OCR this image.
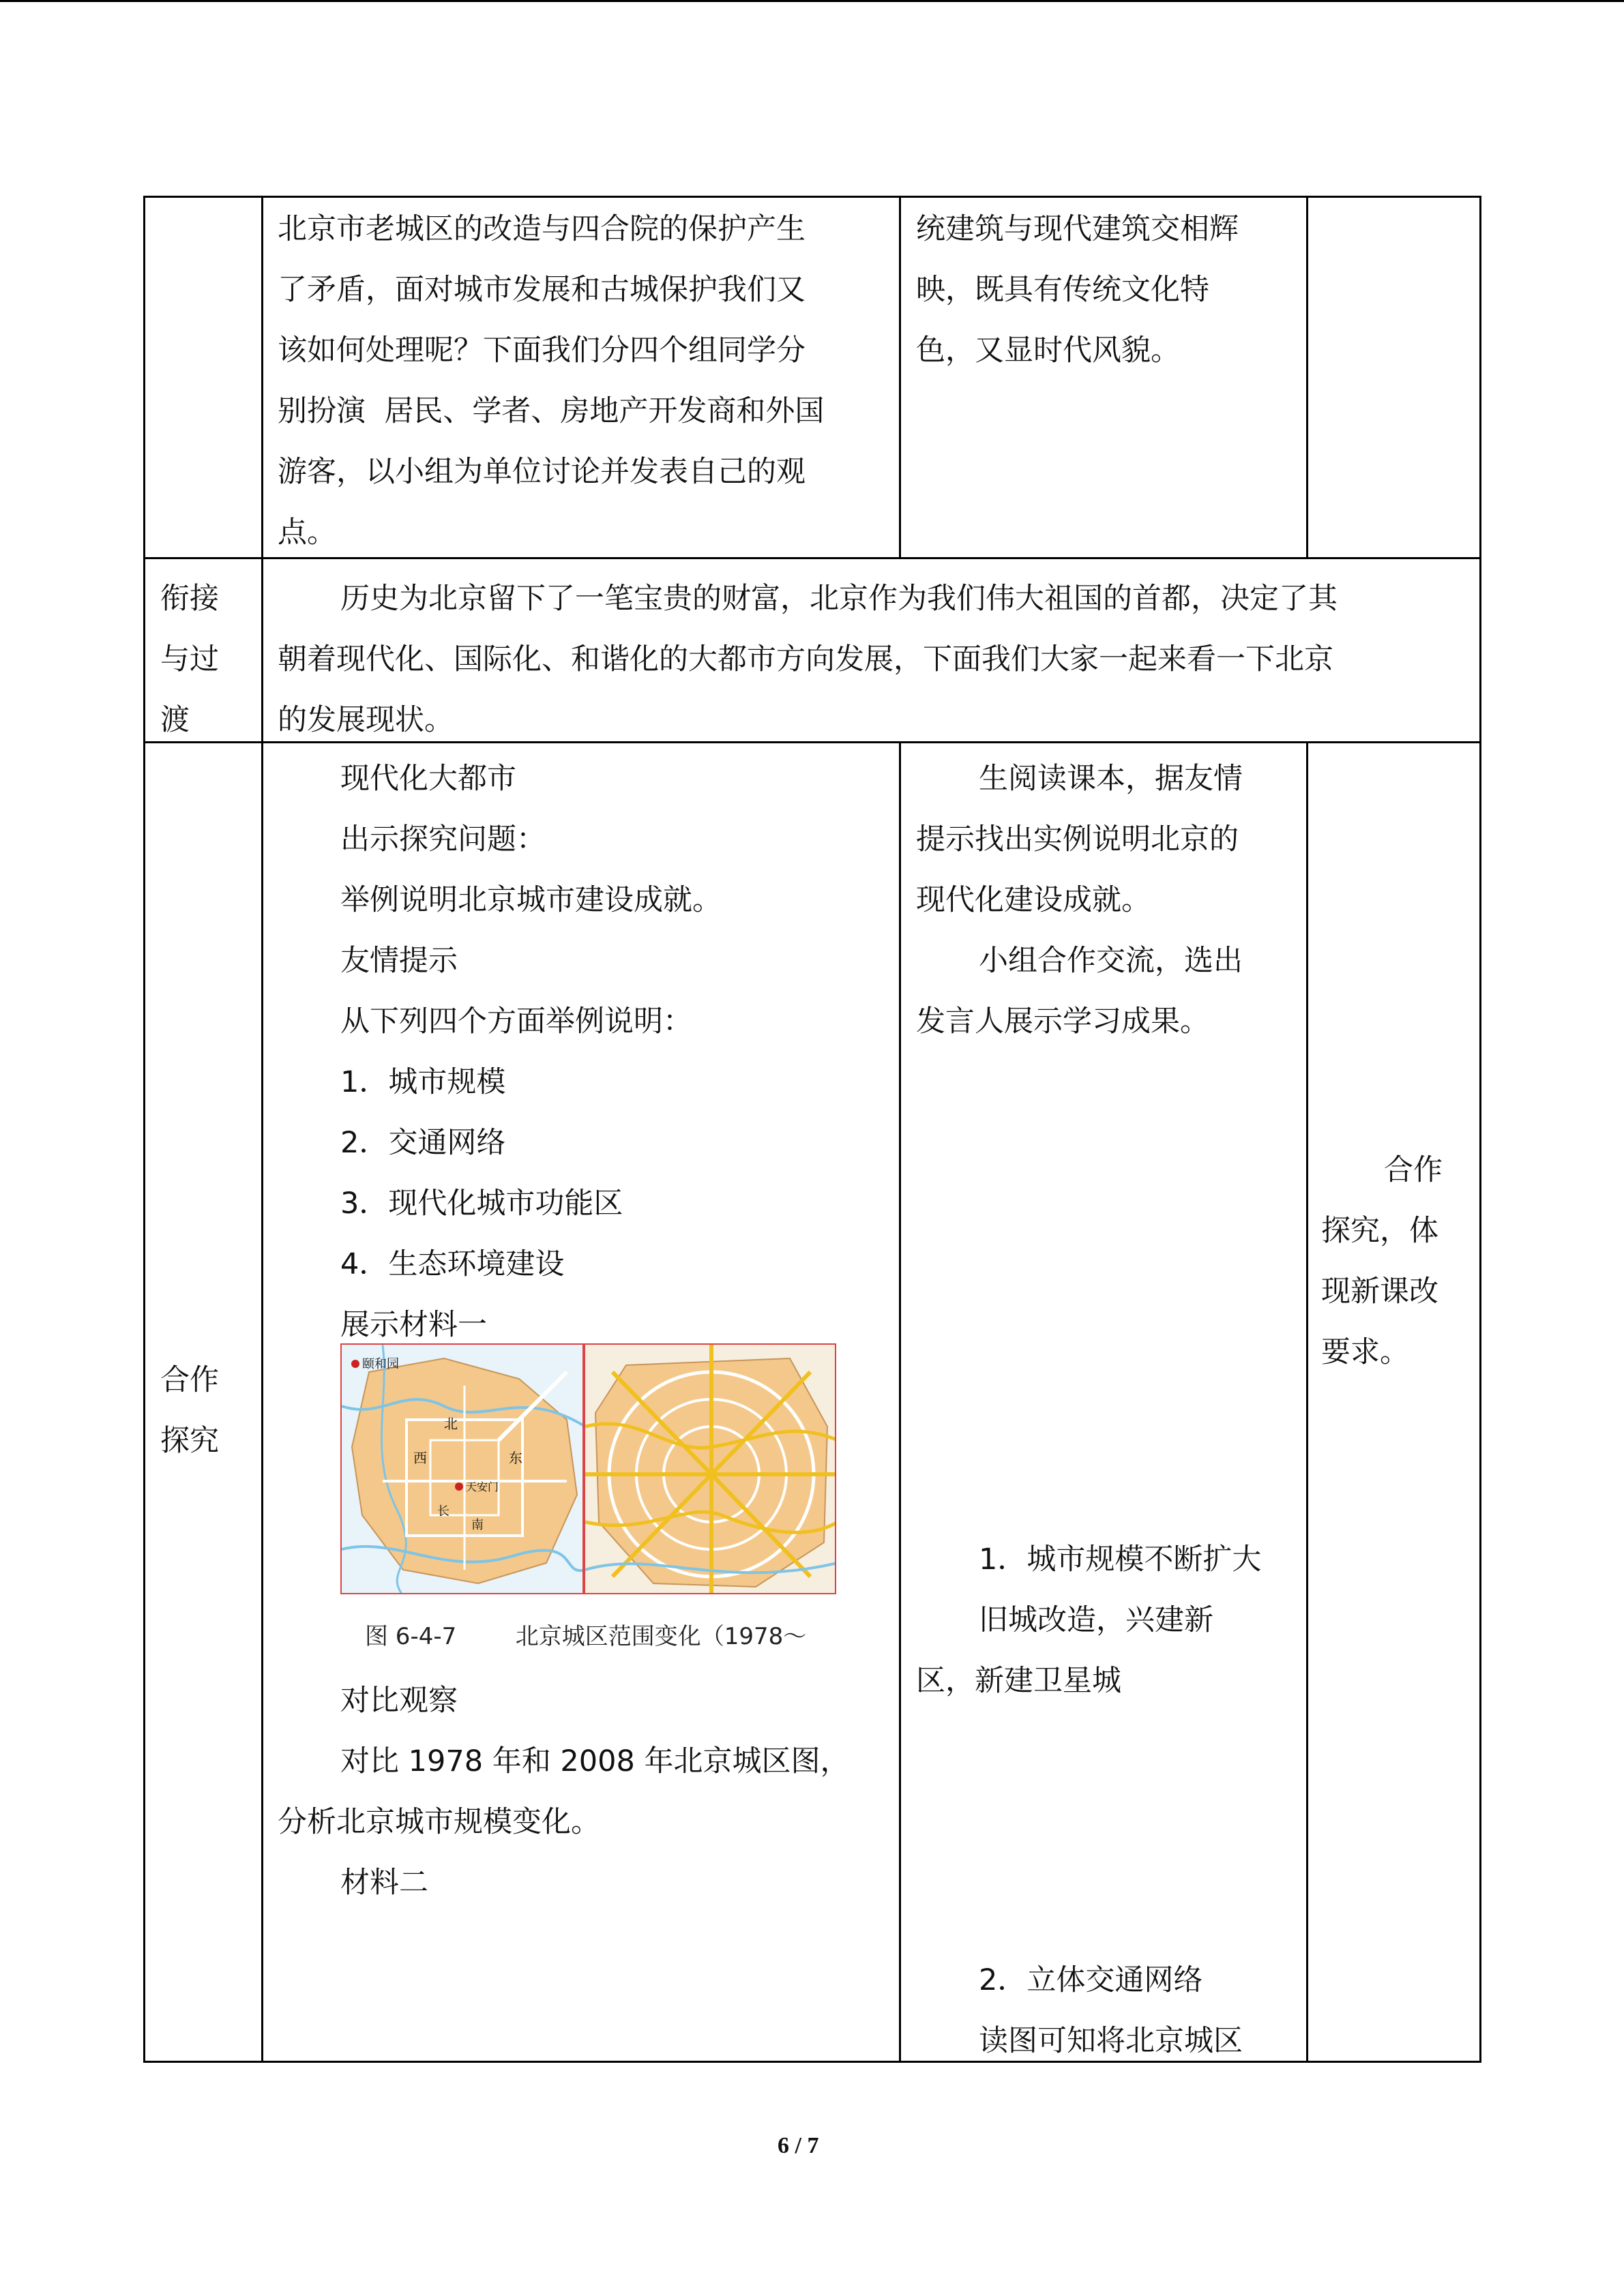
北京市老城区的改造与四合院的保护产生
了矛盾，面对城市发展和古城保护我们又
该如何处理呢？下面我们分四个组同学分
别扮演  居民、学者、房地产开发商和外国
游客，以小组为单位讨论并发表自己的观
点。
统建筑与现代建筑交相辉
映，既具有传统文化特
色，又显时代风貌。
衔接
与过
渡
历史为北京留下了一笔宝贵的财富，北京作为我们伟大祖国的首都，决定了其
朝着现代化、国际化、和谐化的大都市方向发展，下面我们大家一起来看一下北京
的发展现状。
合作
探究
现代化大都市
出示探究问题：
举例说明北京城市建设成就。
友情提示
从下列四个方面举例说明：
1．城市规模
2．交通网络
3．现代化城市功能区
4．生态环境建设
展示材料一
颐和园
北
西	东
天安门
长
南
图 6-4-7        北京城区范围变化（1978～
对比观察
对比 1978 年和 2008 年北京城区图，
分析北京城市规模变化。
材料二
生阅读课本，据友情
提示找出实例说明北京的
现代化建设成就。
小组合作交流，选出
发言人展示学习成果。
1．城市规模不断扩大
旧城改造，兴建新
区，新建卫星城
2．立体交通网络
读图可知将北京城区
合作
探究，体
现新课改
要求。
6 / 7
